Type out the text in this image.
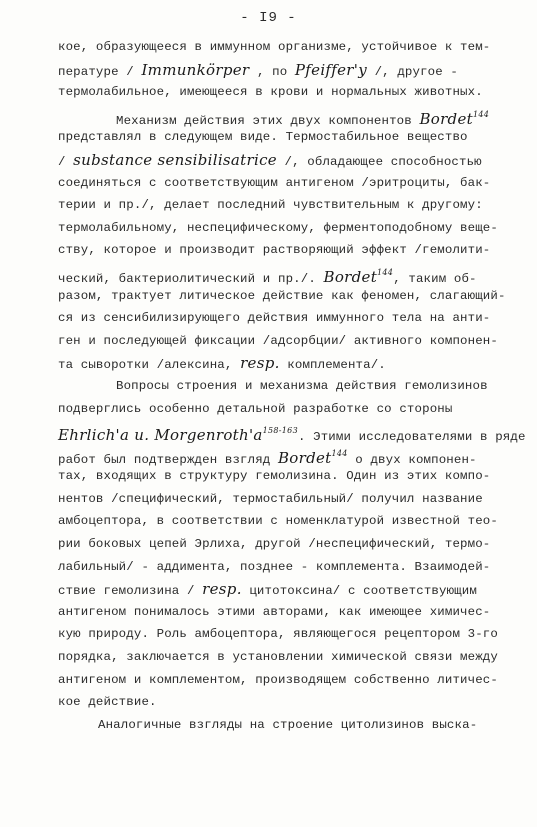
- I9 -
кое, образующееся в иммунном организме, устойчивое к тем-
пературе / Immunkörper , по Pfeiffer'y /, другое -
термолабильное, имеющееся в крови и нормальных животных.
Механизм действия этих двух компонентов Bordet$^{144}$
представлял в следующем виде. Термостабильное вещество
/ substance sensibilisatrice /, обладающее способностью
соединяться с соответствующим антигеном /эритроциты, бак-
терии и пр./, делает последний чувствительным к другому:
термолабильному, неспецифическому, ферментоподобному веще-
ству, которое и производит растворяющий эффект /гемолити-
ческий, бактериолитический и пр./. Bordet$^{144}$, таким об-
разом, трактует литическое действие как феномен, слагающий-
ся из сенсибилизирующего действия иммунного тела на анти-
ген и последующей фиксации /адсорбции/ активного компонен-
та сыворотки /алексина, resp. комплемента/.
Вопросы строения и механизма действия гемолизинов
подверглись особенно детальной разработке со стороны
Ehrlich'a u. $Morgenroth'a^{158-163}$. Этими исследователями в ряде
работ был подтвержден взгляд Bordet$^{144}$ о двух компонен-
тах, входящих в структуру гемолизина. Один из этих компо-
нентов /специфический, термостабильный/ получил название
амбоцептора, в соответствии с номенклатурой известной тео-
рии боковых цепей Эрлиха, другой /неспецифический, термо-
лабильный/ - аддимента, позднее - комплемента. Взаимодей-
ствие гемолизина / resp. цитотоксина/ с соответствующим
антигеном понималось этими авторами, как имеющее химичес-
кую природу. Роль амбоцептора, являющегося рецептором 3-го
порядка, заключается в установлении химической связи между
антигеном и комплементом, производящем собственно литичес-
кое действие.
Аналогичные взгляды на строение цитолизинов выска-
